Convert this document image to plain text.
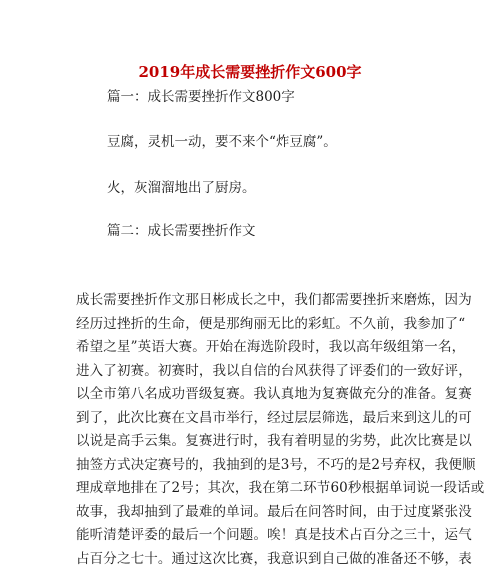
2019年成长需要挫折作文600字

篇一：成长需要挫折作文800字

豆腐，灵机一动，要不来个“炸豆腐”。

火，灰溜溜地出了厨房。

篇二：成长需要挫折作文

成长需要挫折作文那日彬成长之中，我们都需要挫折来磨炼，因为
经历过挫折的生命，便是那绚丽无比的彩虹。不久前，我参加了“
希望之星”英语大赛。开始在海选阶段时，我以高年级组第一名，
进入了初赛。初赛时，我以自信的台风获得了评委们的一致好评，
以全市第八名成功晋级复赛。我认真地为复赛做充分的准备。复赛
到了，此次比赛在文昌市举行，经过层层筛选，最后来到这儿的可
以说是高手云集。复赛进行时，我有着明显的劣势，此次比赛是以
抽签方式决定赛号的，我抽到的是3号，不巧的是2号弃权，我便顺
理成章地排在了2号；其次，我在第二环节60秒根据单词说一段话或
故事，我却抽到了最难的单词。最后在问答时间，由于过度紧张没
能听清楚评委的最后一个问题。唉！真是技术占百分之三十，运气
占百分之七十。通过这次比赛，我意识到自己做的准备还不够，表
